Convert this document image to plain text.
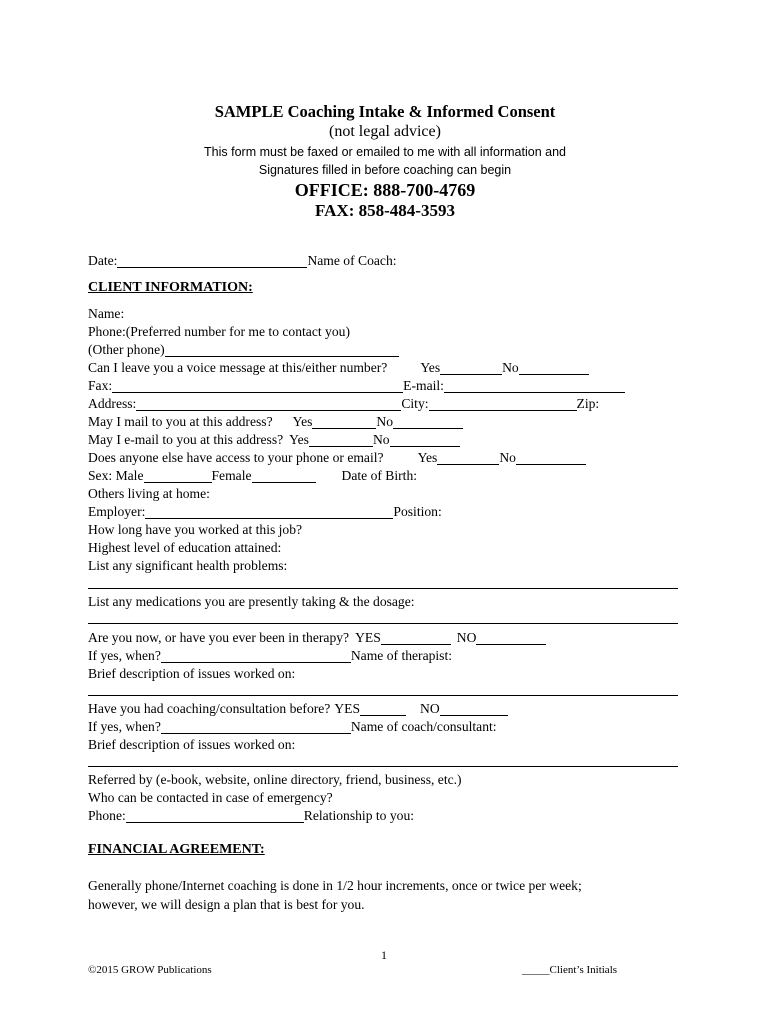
SAMPLE Coaching Intake & Informed Consent
(not legal advice)
This form must be faxed or emailed to me with all information and
Signatures filled in before coaching can begin
OFFICE: 888-700-4769
FAX: 858-484-3593
Date:	Name of Coach:
CLIENT INFORMATION:
Name:
Phone:(Preferred number for me to contact you)
(Other phone)
Can I leave you a voice message at this/either number? Yes	No
Fax:	E-mail:
Address:	City:	Zip:
May I mail to you at this address? Yes	No
May I e-mail to you at this address? Yes	No
Does anyone else have access to your phone or email?	Yes	No
Sex: Male	Female	Date of Birth:
Others living at home:
Employer:	Position:
How long have you worked at this job?
Highest level of education attained:
List any significant health problems:
List any medications you are presently taking & the dosage:
Are you now, or have you ever been in therapy? YES	NO
If yes, when?	Name of therapist:
Brief description of issues worked on:
Have you had coaching/consultation before? YES	NO
If yes, when?	Name of coach/consultant:
Brief description of issues worked on:
Referred by (e-book, website, online directory, friend, business, etc.)
Who can be contacted in case of emergency?
Phone:	Relationship to you:
FINANCIAL AGREEMENT:
Generally phone/Internet coaching is done in 1/2 hour increments, once or twice per week;
however, we will design a plan that is best for you.
1
©2015 GROW Publications	_____Client’s Initials
